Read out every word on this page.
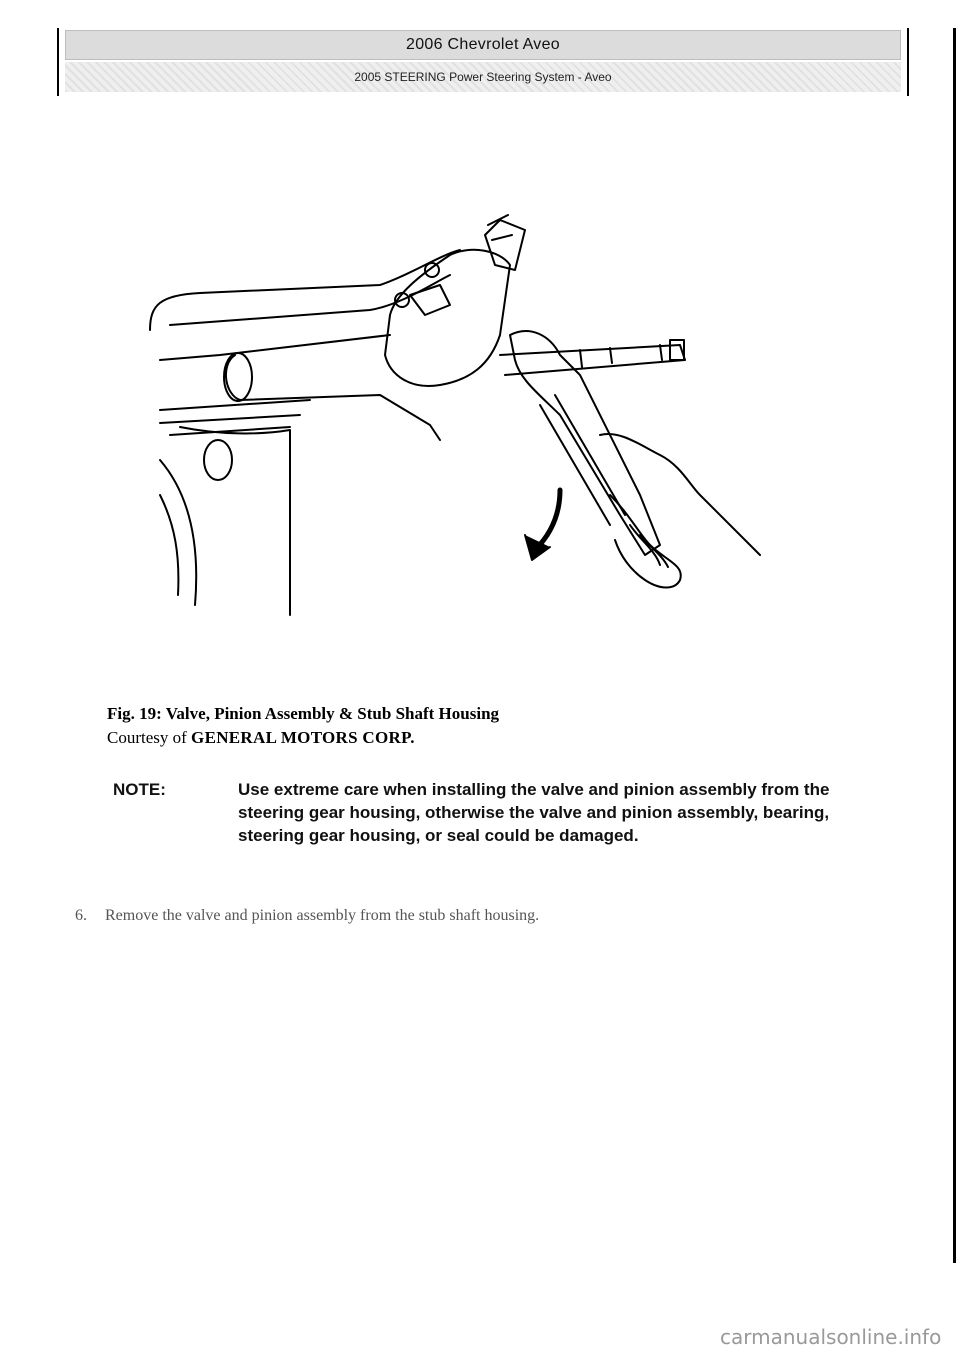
2006 Chevrolet Aveo
2005 STEERING Power Steering System - Aveo
Fig. 19: Valve, Pinion Assembly & Stub Shaft Housing
Courtesy of GENERAL MOTORS CORP.
NOTE:	Use extreme care when installing the valve and pinion assembly from the steering gear housing, otherwise the valve and pinion assembly, bearing, steering gear housing, or seal could be damaged.
6.	Remove the valve and pinion assembly from the stub shaft housing.
carmanualsonline.info
